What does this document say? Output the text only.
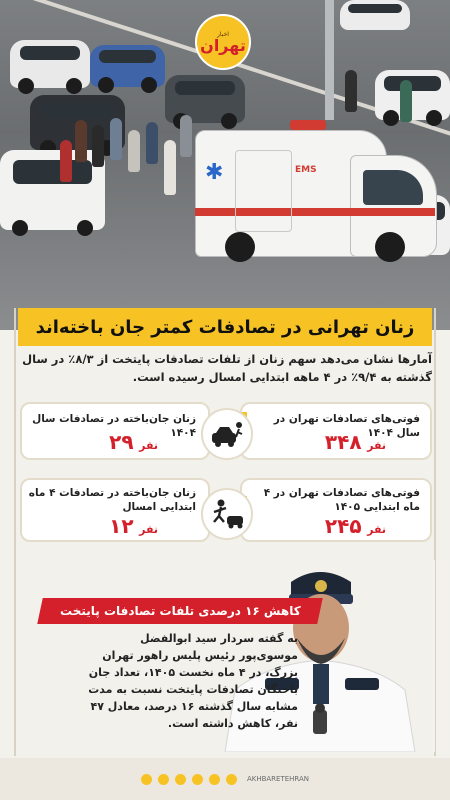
✱	EMS
اخبار
تهران
زنان تهرانی در تصادفات کمتر جان باخته‌اند
آمارها نشان می‌دهد سهم زنان از تلفات تصادفات پایتخت از ۸/۳٪ در سال گذشته به ۹/۴٪ در ۴ ماهه ابتدایی امسال رسیده است.
زنان جان‌باخته در تصادفات سال ۱۴۰۴
نفر ۲۹
فوتی‌های تصادفات تهران در سال ۱۴۰۴
نفر ۳۴۸
زنان جان‌باخته در تصادفات ۴ ماه ابتدایی امسال
نفر ۱۲
فوتی‌های تصادفات تهران در ۴ ماه ابتدایی ۱۴۰۵
نفر ۲۴۵
کاهش ۱۶ درصدی تلفات تصادفات پایتخت
به گفته سردار سید ابوالفضل موسوی‌پور رئیس پلیس راهور تهران بزرگ، در ۴ ماه نخست ۱۴۰۵، تعداد جان باختگان تصادفات پایتخت نسبت به مدت مشابه سال گذشته ۱۶ درصد، معادل ۴۷ نفر، کاهش داشته است.
AKHBARETEHRAN
